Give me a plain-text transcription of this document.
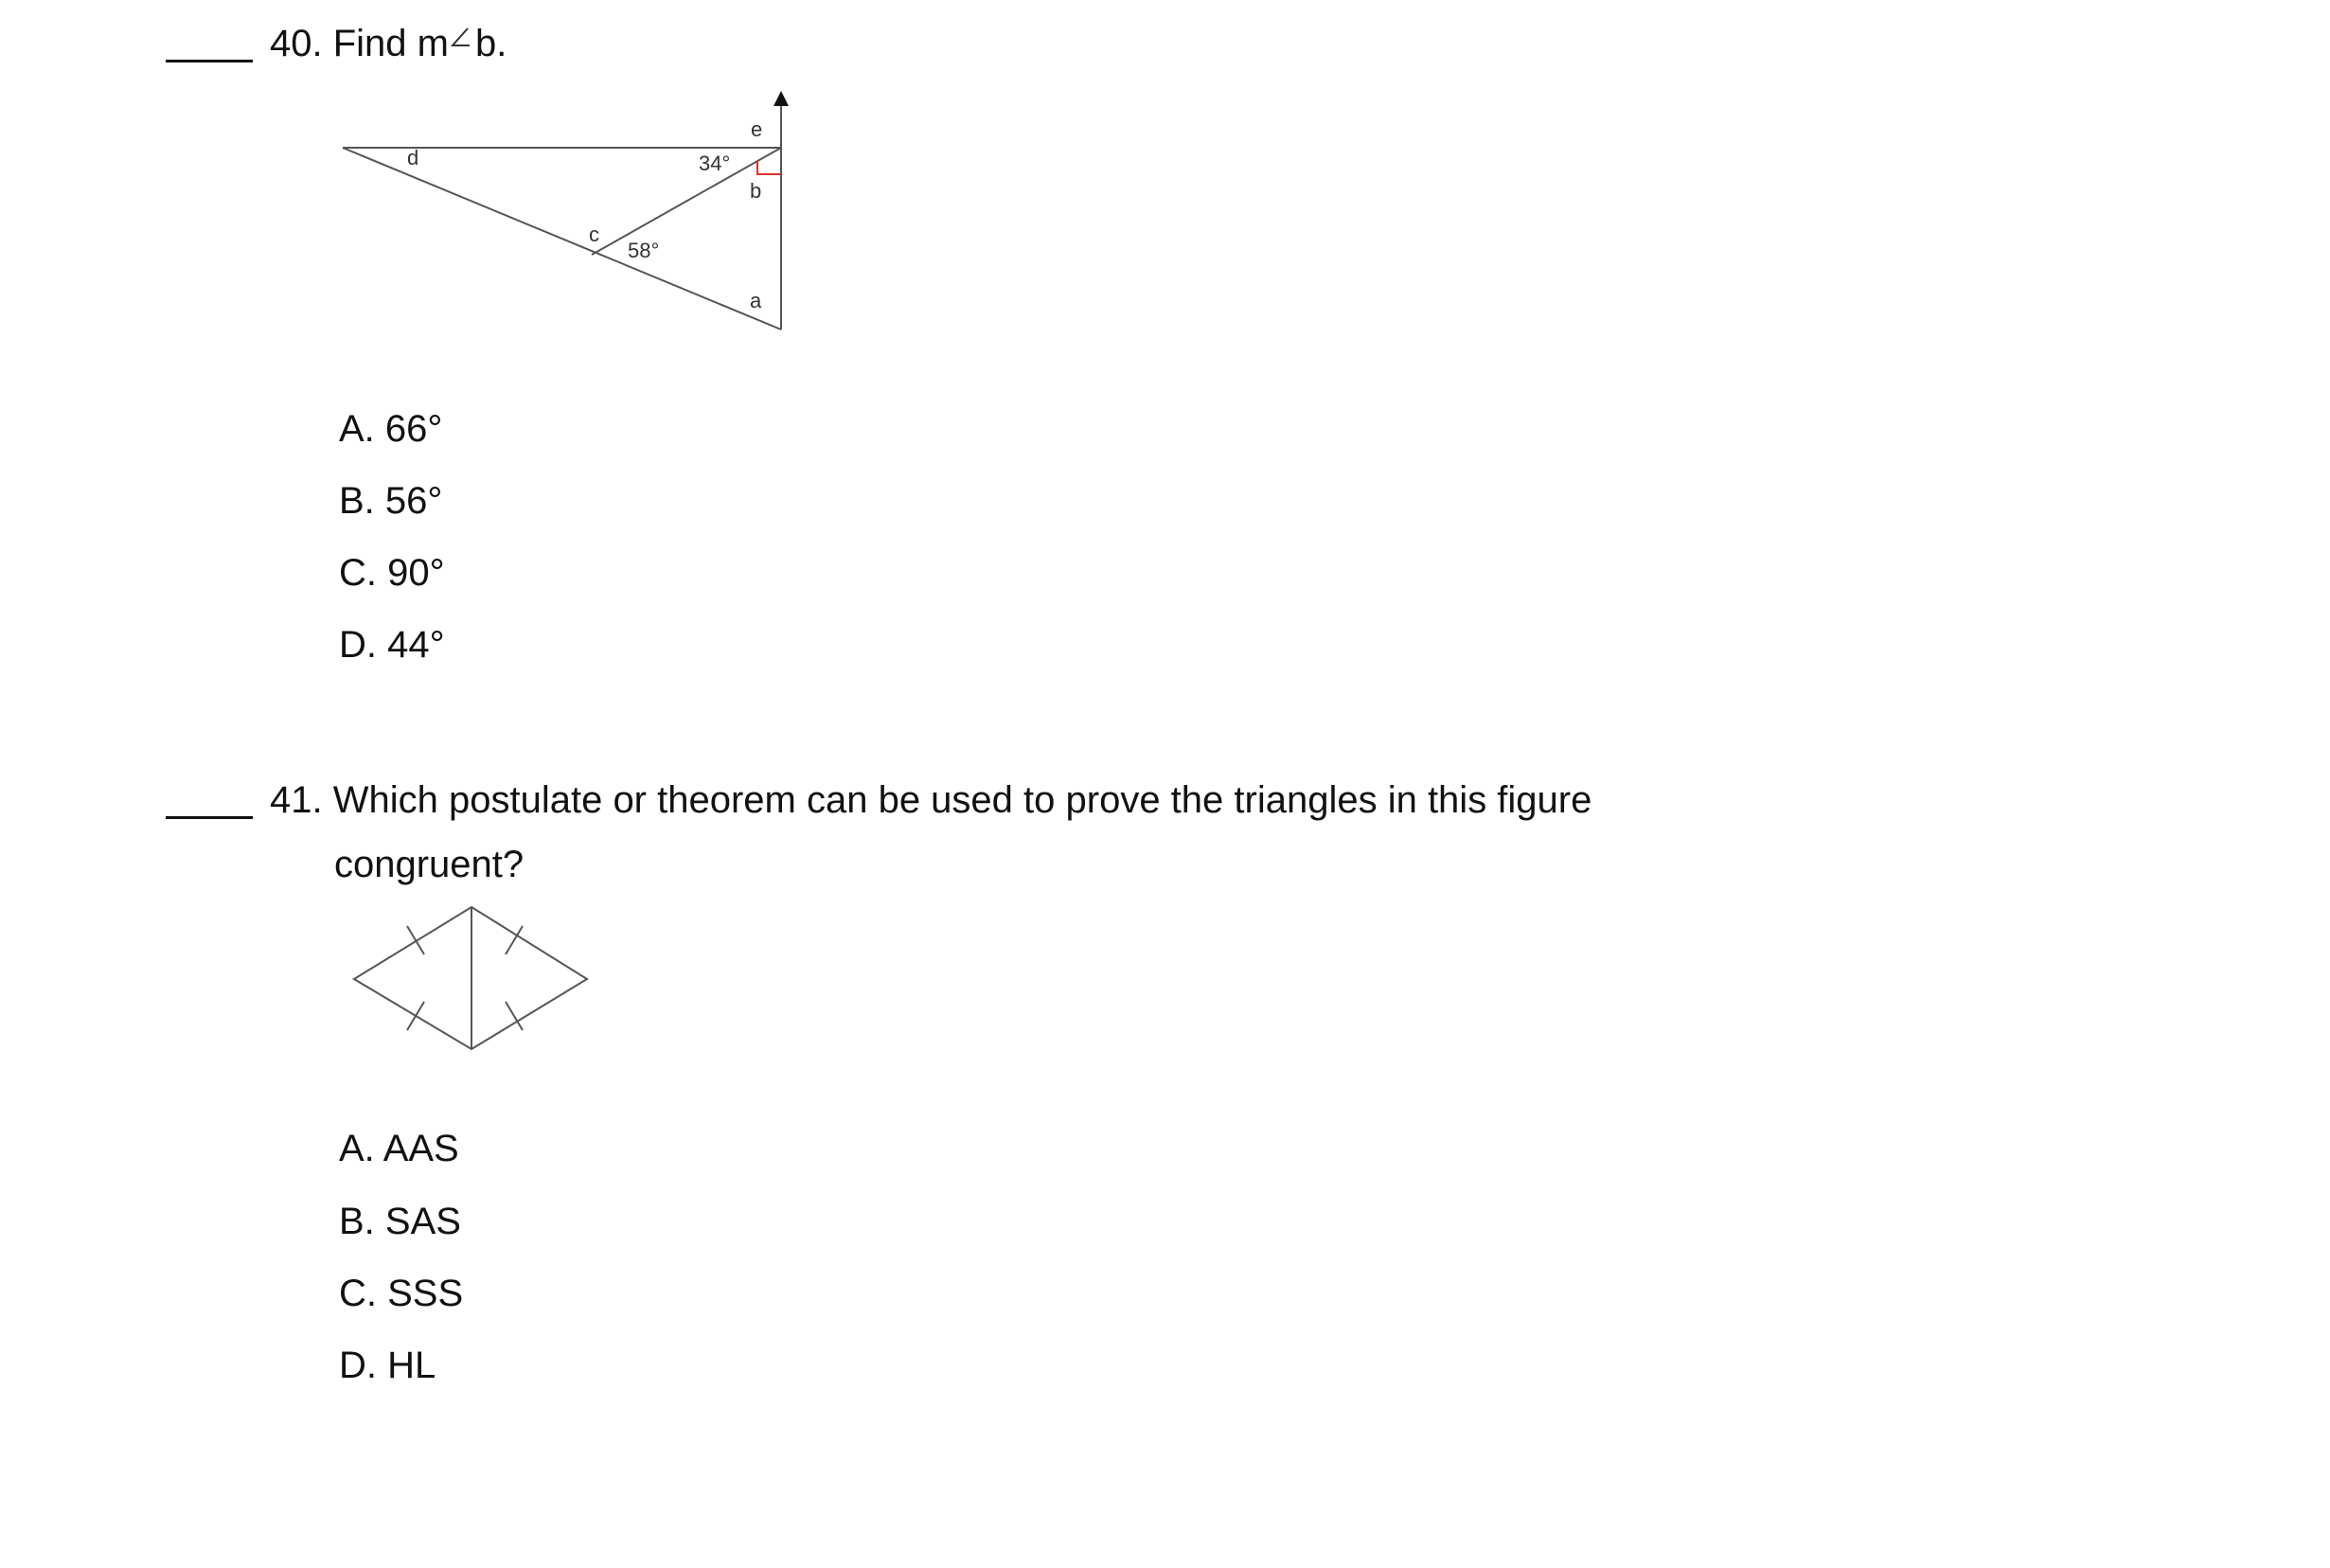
40. Find m b.
d
e
34°
b
c
58°
a
A. 66°
B. 56°
C. 90°
D. 44°
41. Which postulate or theorem can be used to prove the triangles in this figure
congruent?
A. AAS
B. SAS
C. SSS
D. HL
